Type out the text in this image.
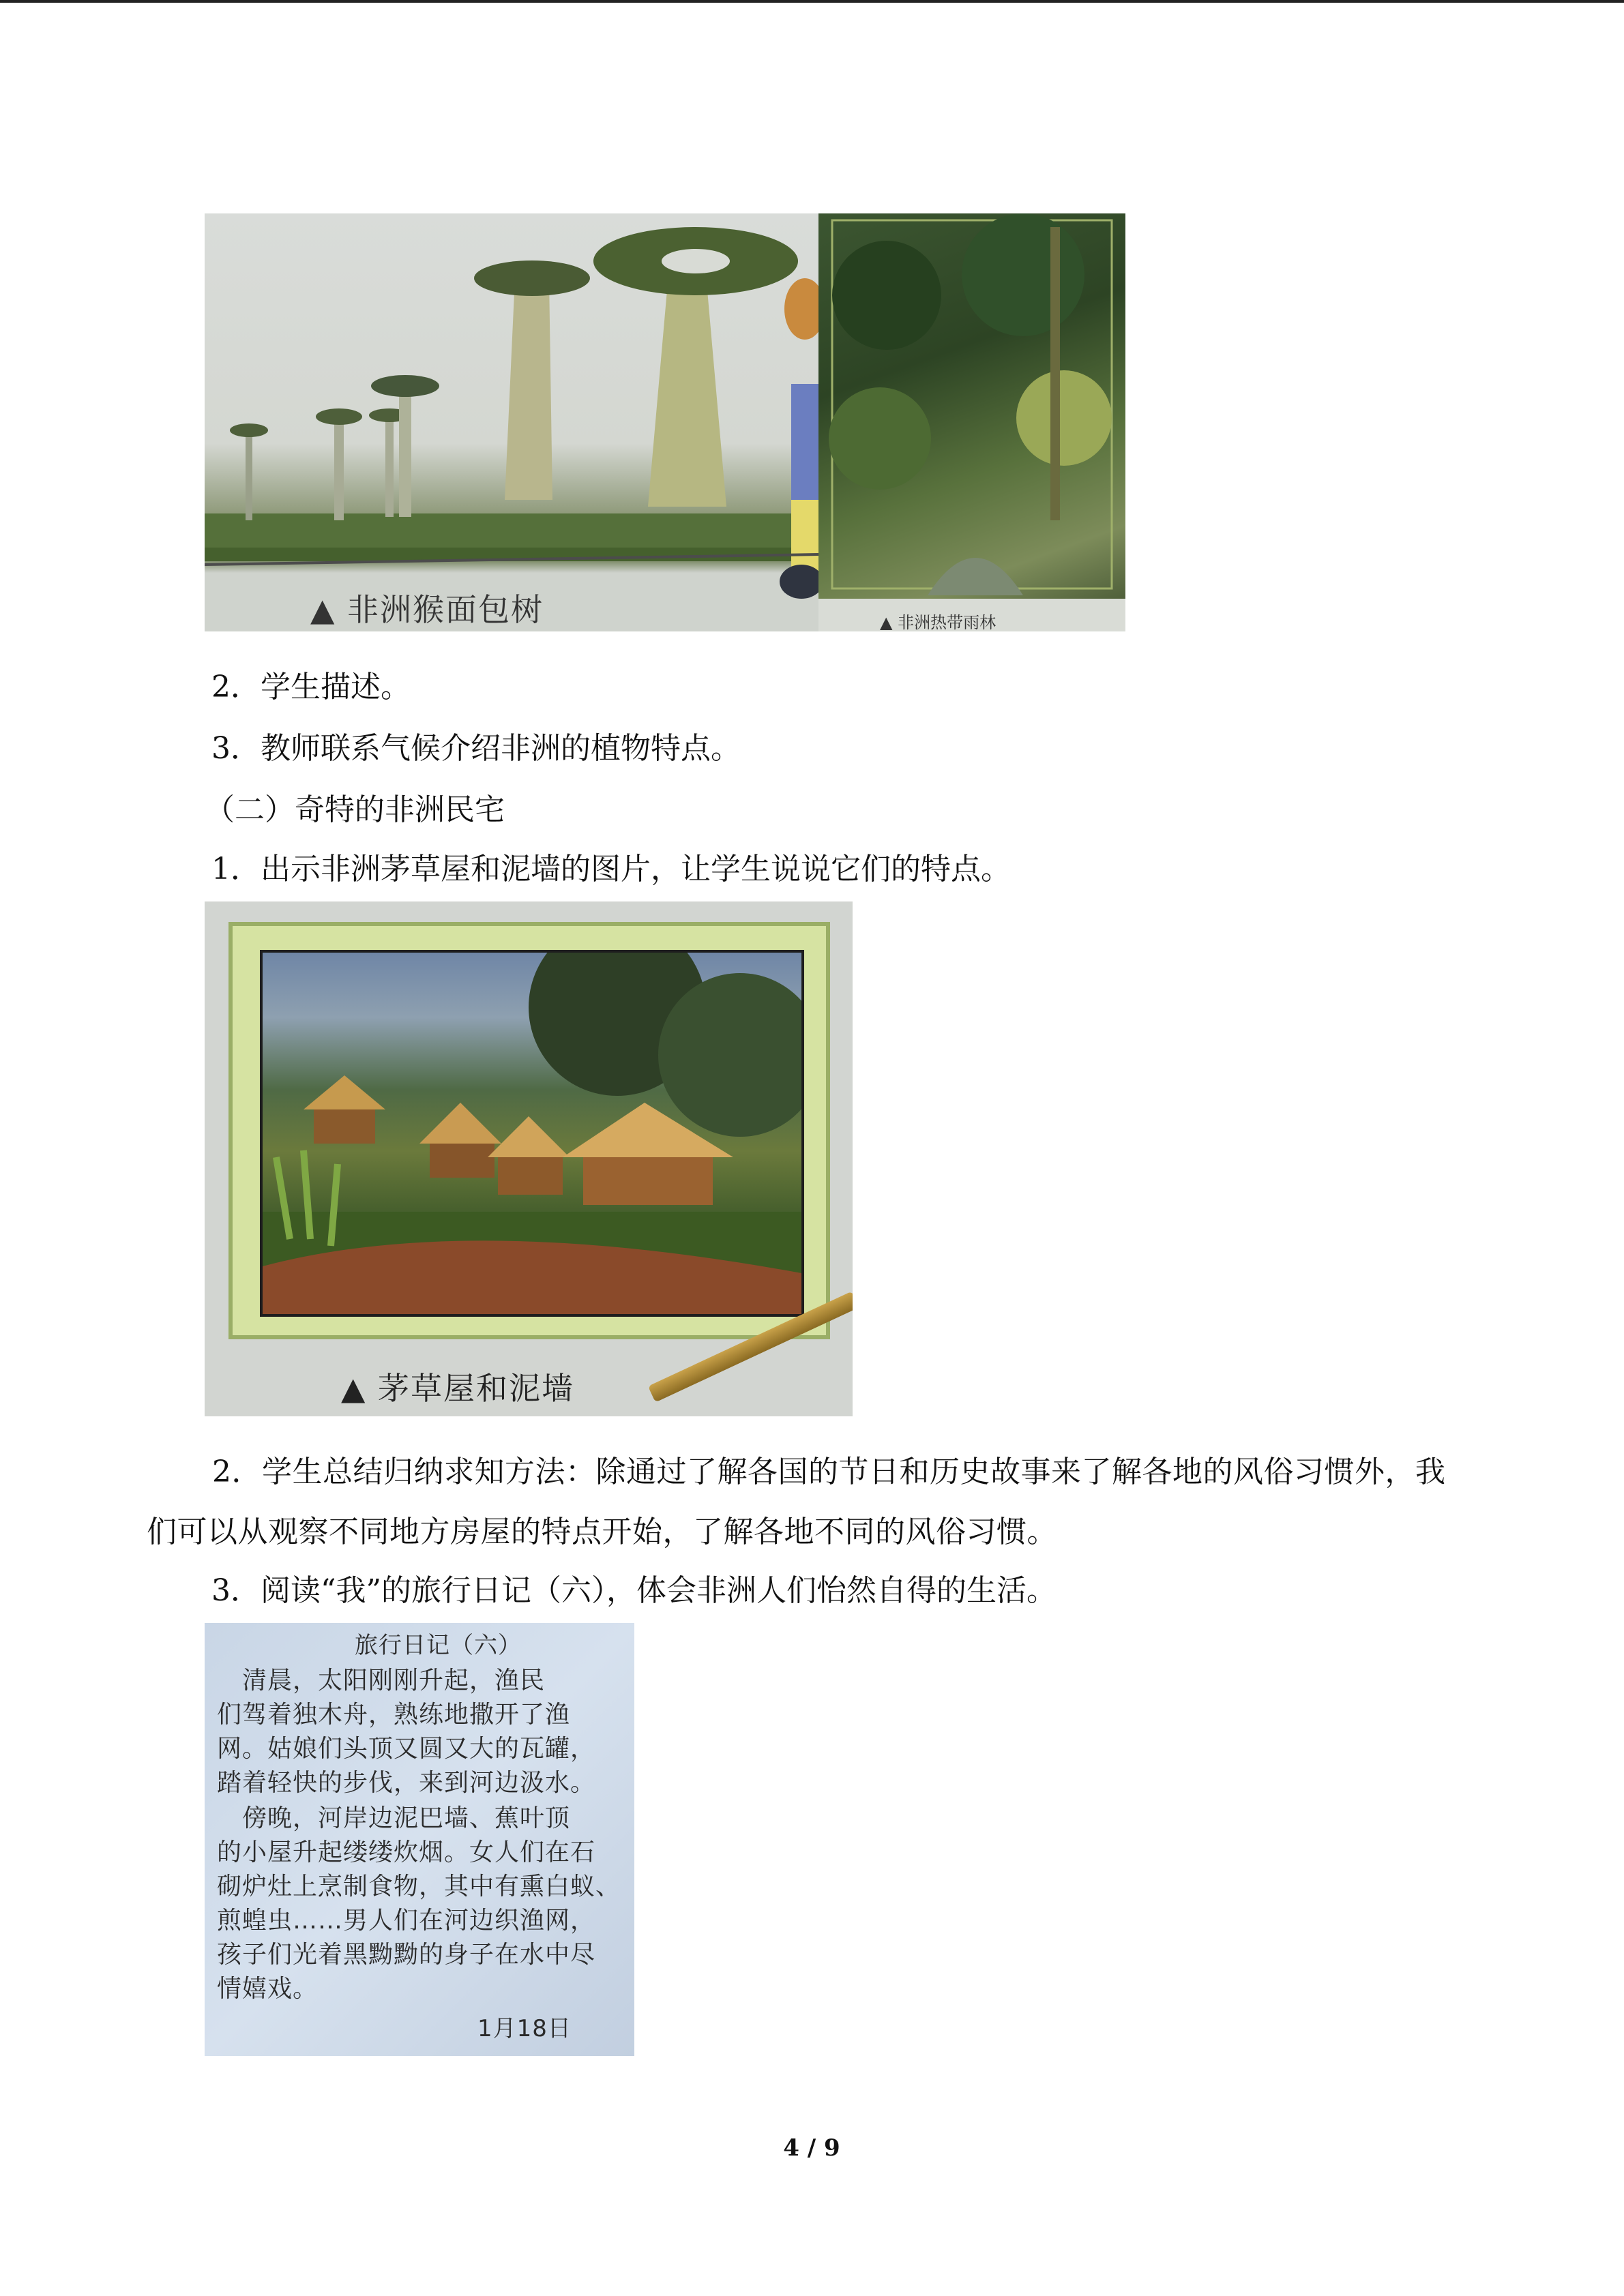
▲ 非洲猴面包树	▲ 非洲热带雨林
2．学生描述。
3．教师联系气候介绍非洲的植物特点。
（二）奇特的非洲民宅
1．出示非洲茅草屋和泥墙的图片，让学生说说它们的特点。
▲ 茅草屋和泥墙
2．学生总结归纳求知方法：除通过了解各国的节日和历史故事来了解各地的风俗习惯外，我们可以从观察不同地方房屋的特点开始，了解各地不同的风俗习惯。
3．阅读“我”的旅行日记（六），体会非洲人们怡然自得的生活。
旅行日记（六）
　清晨，太阳刚刚升起，渔民
们驾着独木舟，熟练地撒开了渔
网。姑娘们头顶又圆又大的瓦罐，
踏着轻快的步伐，来到河边汲水。
　傍晚，河岸边泥巴墙、蕉叶顶
的小屋升起缕缕炊烟。女人们在石
砌炉灶上烹制食物，其中有熏白蚁、
煎蝗虫……男人们在河边织渔网，
孩子们光着黑黝黝的身子在水中尽
情嬉戏。
1月18日
4 / 9
